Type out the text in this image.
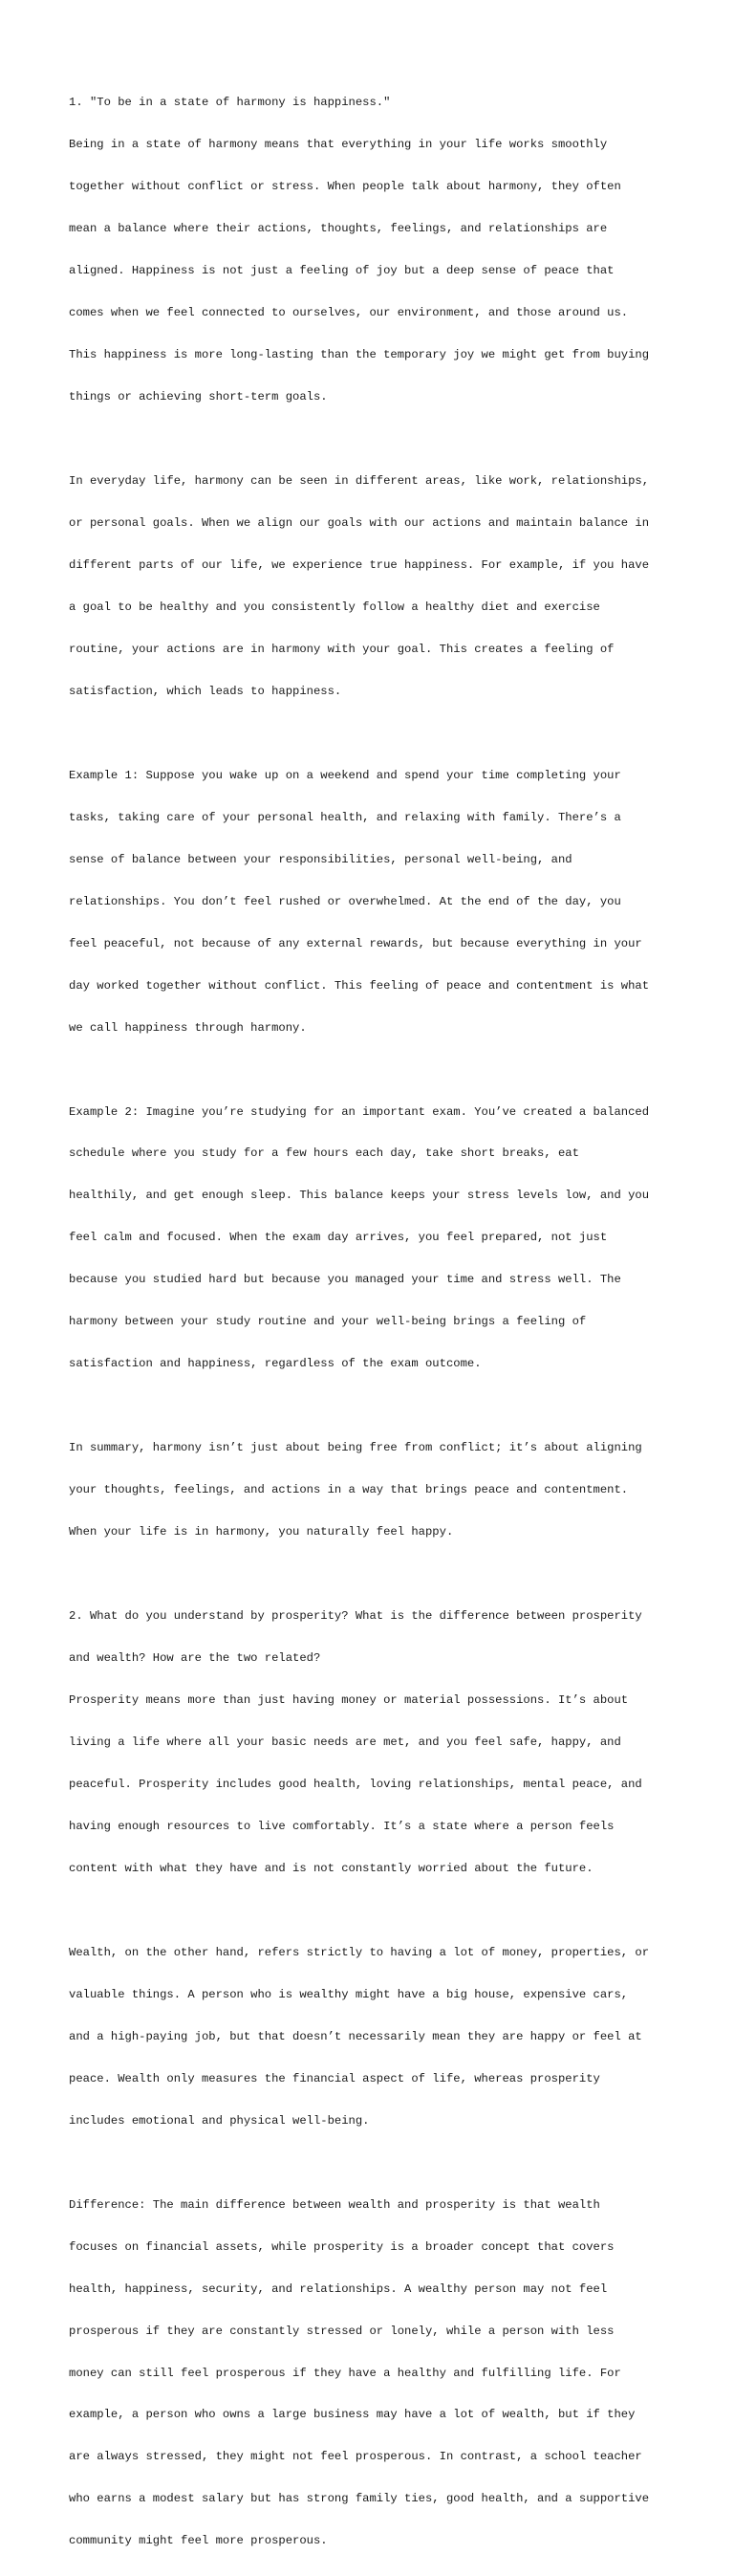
1. "To be in a state of harmony is happiness."

Being in a state of harmony means that everything in your life works smoothly

together without conflict or stress. When people talk about harmony, they often

mean a balance where their actions, thoughts, feelings, and relationships are

aligned. Happiness is not just a feeling of joy but a deep sense of peace that

comes when we feel connected to ourselves, our environment, and those around us.

This happiness is more long-lasting than the temporary joy we might get from buying

things or achieving short-term goals.

In everyday life, harmony can be seen in different areas, like work, relationships,

or personal goals. When we align our goals with our actions and maintain balance in

different parts of our life, we experience true happiness. For example, if you have

a goal to be healthy and you consistently follow a healthy diet and exercise

routine, your actions are in harmony with your goal. This creates a feeling of

satisfaction, which leads to happiness.

Example 1: Suppose you wake up on a weekend and spend your time completing your

tasks, taking care of your personal health, and relaxing with family. There’s a

sense of balance between your responsibilities, personal well-being, and

relationships. You don’t feel rushed or overwhelmed. At the end of the day, you

feel peaceful, not because of any external rewards, but because everything in your

day worked together without conflict. This feeling of peace and contentment is what

we call happiness through harmony.

Example 2: Imagine you’re studying for an important exam. You’ve created a balanced

schedule where you study for a few hours each day, take short breaks, eat

healthily, and get enough sleep. This balance keeps your stress levels low, and you

feel calm and focused. When the exam day arrives, you feel prepared, not just

because you studied hard but because you managed your time and stress well. The

harmony between your study routine and your well-being brings a feeling of

satisfaction and happiness, regardless of the exam outcome.

In summary, harmony isn’t just about being free from conflict; it’s about aligning

your thoughts, feelings, and actions in a way that brings peace and contentment.

When your life is in harmony, you naturally feel happy.

2. What do you understand by prosperity? What is the difference between prosperity

and wealth? How are the two related?

Prosperity means more than just having money or material possessions. It’s about

living a life where all your basic needs are met, and you feel safe, happy, and

peaceful. Prosperity includes good health, loving relationships, mental peace, and

having enough resources to live comfortably. It’s a state where a person feels

content with what they have and is not constantly worried about the future.

Wealth, on the other hand, refers strictly to having a lot of money, properties, or

valuable things. A person who is wealthy might have a big house, expensive cars,

and a high-paying job, but that doesn’t necessarily mean they are happy or feel at

peace. Wealth only measures the financial aspect of life, whereas prosperity

includes emotional and physical well-being.

Difference: The main difference between wealth and prosperity is that wealth

focuses on financial assets, while prosperity is a broader concept that covers

health, happiness, security, and relationships. A wealthy person may not feel

prosperous if they are constantly stressed or lonely, while a person with less

money can still feel prosperous if they have a healthy and fulfilling life. For

example, a person who owns a large business may have a lot of wealth, but if they

are always stressed, they might not feel prosperous. In contrast, a school teacher

who earns a modest salary but has strong family ties, good health, and a supportive

community might feel more prosperous.
